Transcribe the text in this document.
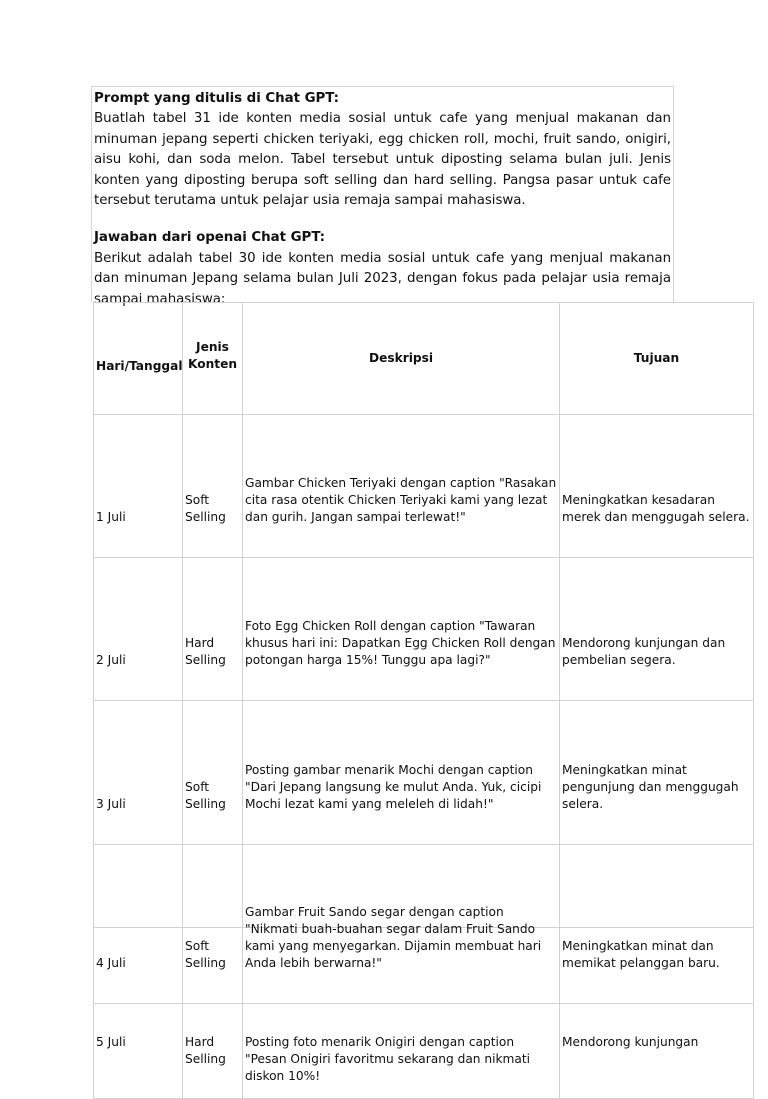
Prompt yang ditulis di Chat GPT:
Buatlah tabel 31 ide konten media sosial untuk cafe yang menjual makanan dan minuman jepang seperti chicken teriyaki, egg chicken roll, mochi, fruit sando, onigiri, aisu kohi, dan soda melon. Tabel tersebut untuk diposting selama bulan juli. Jenis konten yang diposting berupa soft selling dan hard selling. Pangsa pasar untuk cafe tersebut terutama untuk pelajar usia remaja sampai mahasiswa.
Jawaban dari openai Chat GPT:
Berikut adalah tabel 30 ide konten media sosial untuk cafe yang menjual makanan dan minuman Jepang selama bulan Juli 2023, dengan fokus pada pelajar usia remaja sampai mahasiswa:
Hari/Tanggal	Jenis Konten	Deskripsi	Tujuan
1 Juli	Soft Selling	Gambar Chicken Teriyaki dengan caption "Rasakan cita rasa otentik Chicken Teriyaki kami yang lezat dan gurih. Jangan sampai terlewat!"	Meningkatkan kesadaran merek dan menggugah selera.
2 Juli	Hard Selling	Foto Egg Chicken Roll dengan caption "Tawaran khusus hari ini: Dapatkan Egg Chicken Roll dengan potongan harga 15%! Tunggu apa lagi?"	Mendorong kunjungan dan pembelian segera.
3 Juli	Soft Selling	Posting gambar menarik Mochi dengan caption "Dari Jepang langsung ke mulut Anda. Yuk, cicipi Mochi lezat kami yang meleleh di lidah!"	Meningkatkan minat pengunjung dan menggugah selera.
4 Juli	Soft Selling	Gambar Fruit Sando segar dengan caption "Nikmati buah-buahan segar dalam Fruit Sando kami yang menyegarkan. Dijamin membuat hari Anda lebih berwarna!"	Meningkatkan minat dan memikat pelanggan baru.
5 Juli	Hard Selling	Posting foto menarik Onigiri dengan caption "Pesan Onigiri favoritmu sekarang dan nikmati diskon 10%!	Mendorong kunjungan
